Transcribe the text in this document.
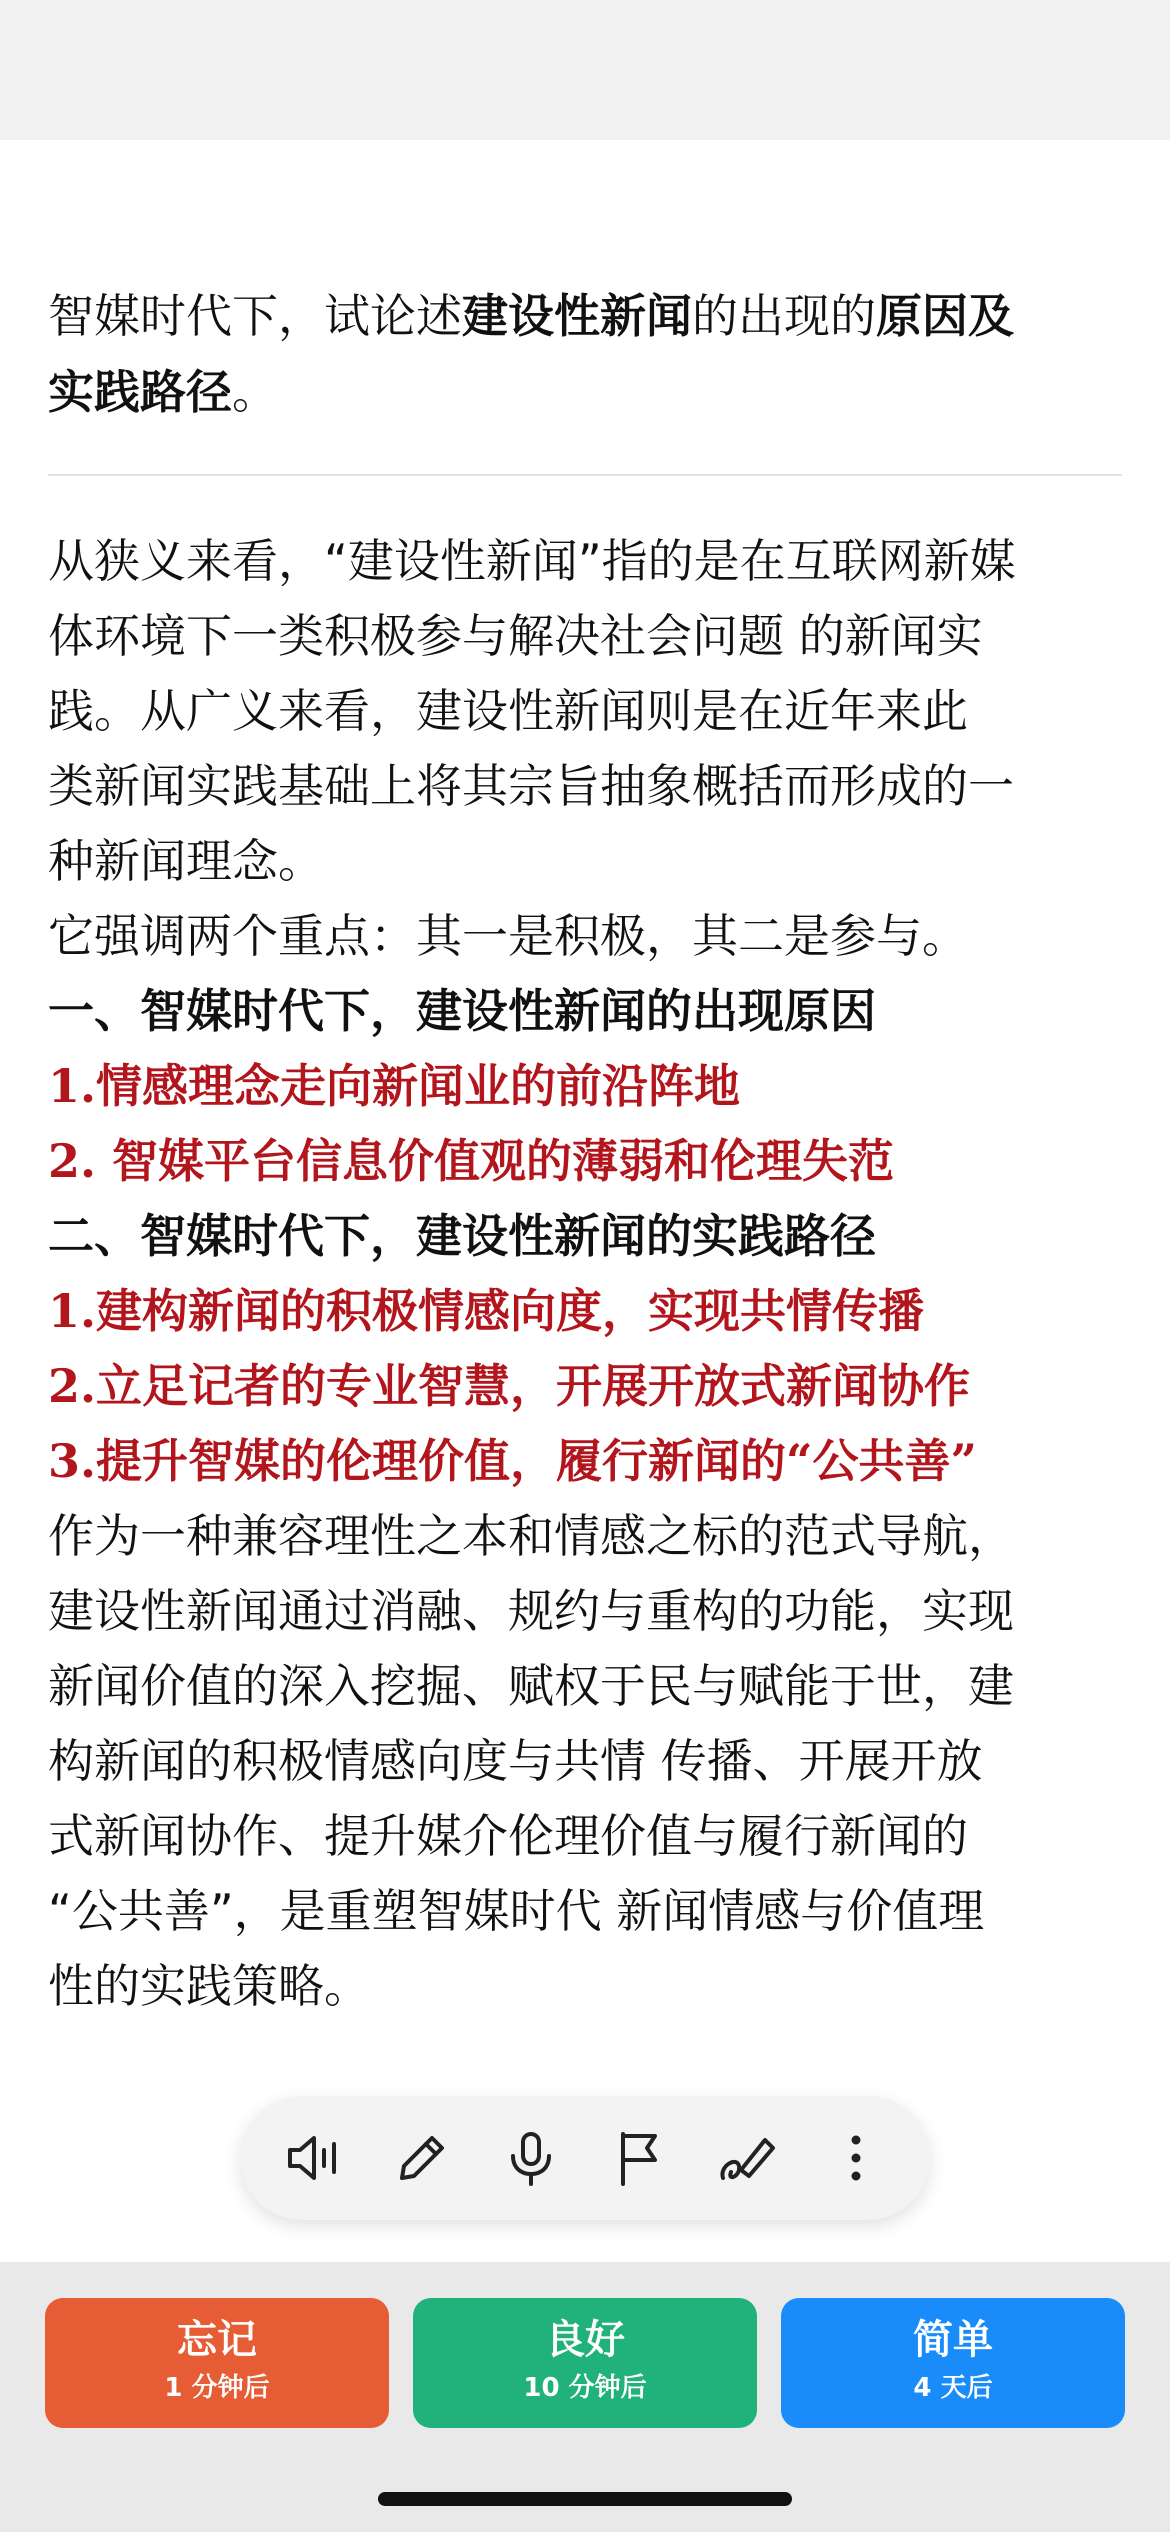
智媒时代下，试论述建设性新闻的出现的原因及
实践路径。

从狭义来看，“建设性新闻”指的是在互联网新媒
体环境下一类积极参与解决社会问题 的新闻实
践。从广义来看，建设性新闻则是在近年来此
类新闻实践基础上将其宗旨抽象概括而形成的一
种新闻理念。
它强调两个重点：其一是积极，其二是参与。
一、智媒时代下，建设性新闻的出现原因
1.情感理念走向新闻业的前沿阵地
2. 智媒平台信息价值观的薄弱和伦理失范
二、智媒时代下，建设性新闻的实践路径
1.建构新闻的积极情感向度，实现共情传播
2.立足记者的专业智慧，开展开放式新闻协作
3.提升智媒的伦理价值，履行新闻的“公共善”
作为一种兼容理性之本和情感之标的范式导航，
建设性新闻通过消融、规约与重构的功能，实现
新闻价值的深入挖掘、赋权于民与赋能于世，建
构新闻的积极情感向度与共情 传播、开展开放
式新闻协作、提升媒介伦理价值与履行新闻的
“公共善”，是重塑智媒时代 新闻情感与价值理
性的实践策略。
忘记
1 分钟后
良好
10 分钟后
简单
4 天后
